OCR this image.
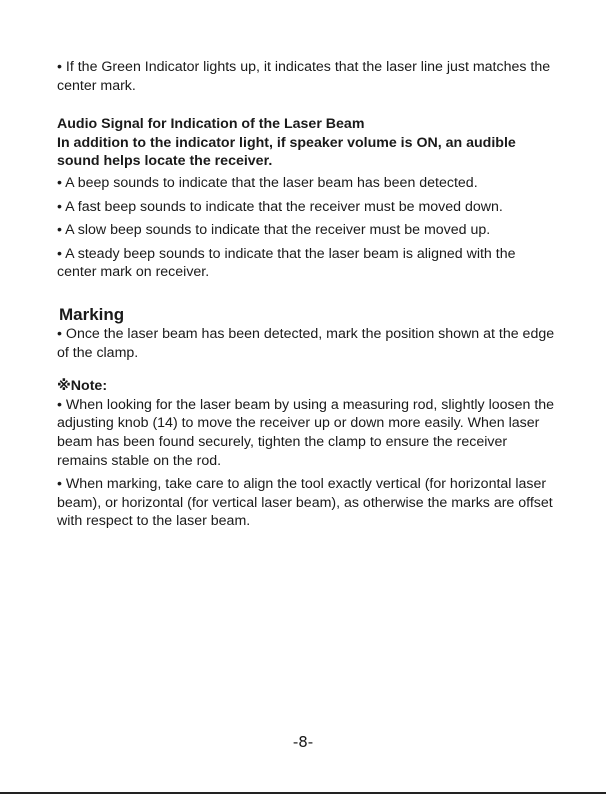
• If the Green Indicator lights up, it indicates that the laser line just matches the center mark.

Audio Signal for Indication of the Laser Beam

In addition to the indicator light, if speaker volume is ON, an audible sound helps locate the receiver.

• A beep sounds to indicate that the laser beam has been detected.

• A fast beep sounds to indicate that the receiver must be moved down.

• A slow beep sounds to indicate that the receiver must be moved up.

• A steady beep sounds to indicate that the laser beam is aligned with the center mark on receiver.

Marking

• Once the laser beam has been detected, mark the position shown at the edge of the clamp.

※Note:

• When looking for the laser beam by using a measuring rod, slightly loosen the adjusting knob (14) to move the receiver up or down more easily. When laser beam has been found securely, tighten the clamp to ensure the receiver remains stable on the rod.

• When marking, take care to align the tool exactly vertical (for horizontal laser beam), or horizontal (for vertical laser beam), as otherwise the marks are offset with respect to the laser beam.

-8-
